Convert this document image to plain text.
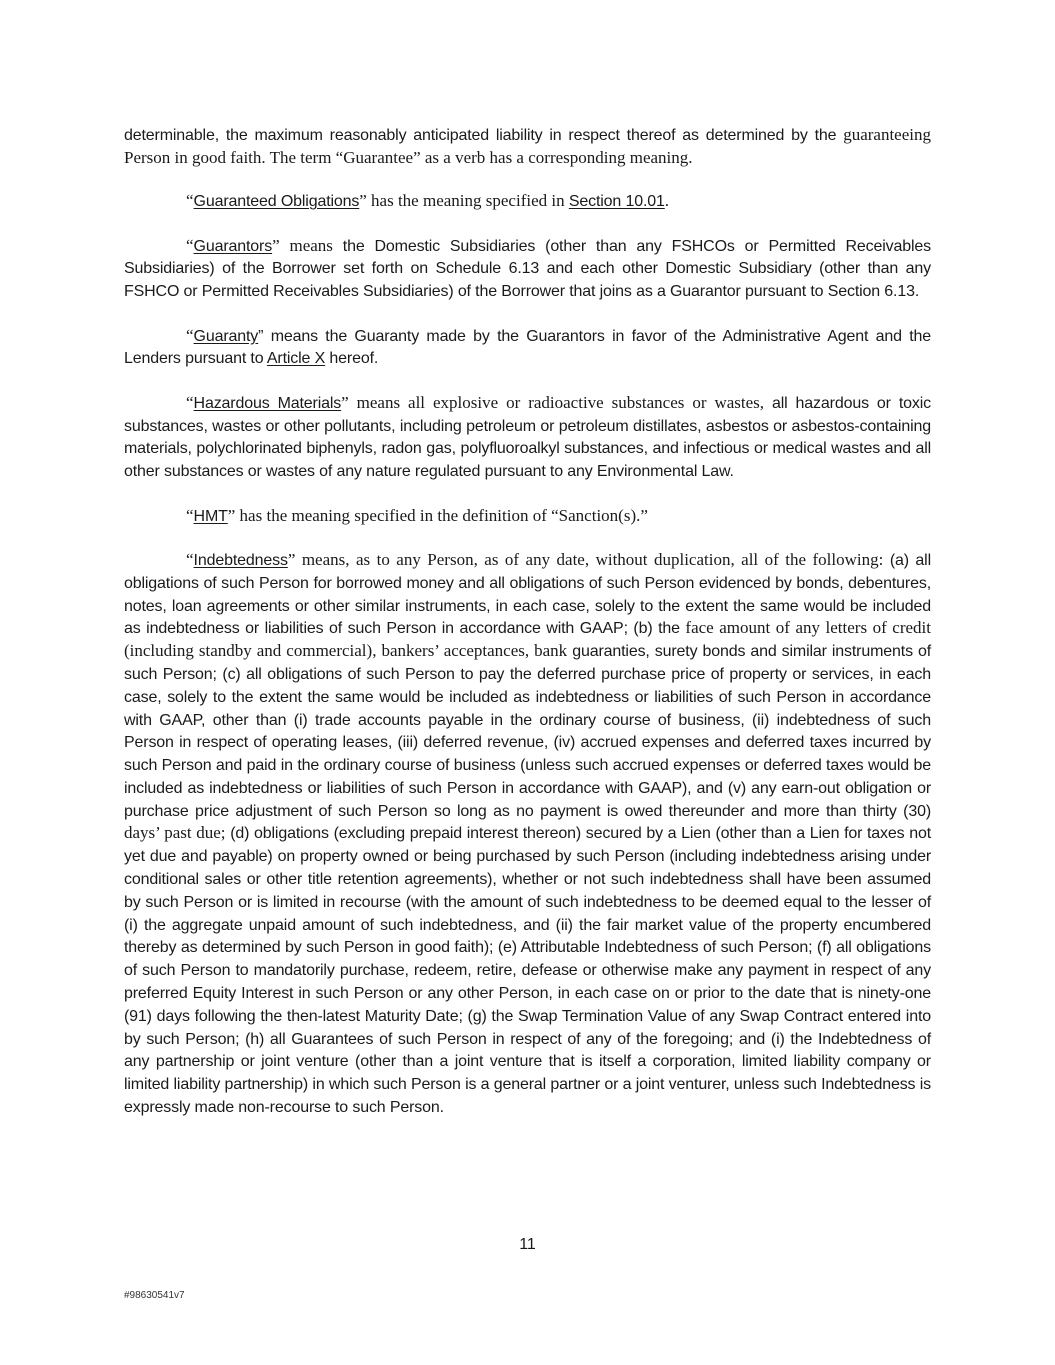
determinable, the maximum reasonably anticipated liability in respect thereof as determined by the guaranteeing Person in good faith. The term “Guarantee” as a verb has a corresponding meaning.

“Guaranteed Obligations” has the meaning specified in Section 10.01.

“Guarantors” means the Domestic Subsidiaries (other than any FSHCOs or Permitted Receivables Subsidiaries) of the Borrower set forth on Schedule 6.13 and each other Domestic Subsidiary (other than any FSHCO or Permitted Receivables Subsidiaries) of the Borrower that joins as a Guarantor pursuant to Section 6.13.

“Guaranty” means the Guaranty made by the Guarantors in favor of the Administrative Agent and the Lenders pursuant to Article X hereof.

“Hazardous Materials” means all explosive or radioactive substances or wastes, all hazardous or toxic substances, wastes or other pollutants, including petroleum or petroleum distillates, asbestos or asbestos-containing materials, polychlorinated biphenyls, radon gas, polyfluoroalkyl substances, and infectious or medical wastes and all other substances or wastes of any nature regulated pursuant to any Environmental Law.

“HMT” has the meaning specified in the definition of “Sanction(s).”

“Indebtedness” means, as to any Person, as of any date, without duplication, all of the following: (a) all obligations of such Person for borrowed money and all obligations of such Person evidenced by bonds, debentures, notes, loan agreements or other similar instruments, in each case, solely to the extent the same would be included as indebtedness or liabilities of such Person in accordance with GAAP; (b) the face amount of any letters of credit (including standby and commercial), bankers’ acceptances, bank guaranties, surety bonds and similar instruments of such Person; (c) all obligations of such Person to pay the deferred purchase price of property or services, in each case, solely to the extent the same would be included as indebtedness or liabilities of such Person in accordance with GAAP, other than (i) trade accounts payable in the ordinary course of business, (ii) indebtedness of such Person in respect of operating leases, (iii) deferred revenue, (iv) accrued expenses and deferred taxes incurred by such Person and paid in the ordinary course of business (unless such accrued expenses or deferred taxes would be included as indebtedness or liabilities of such Person in accordance with GAAP), and (v) any earn-out obligation or purchase price adjustment of such Person so long as no payment is owed thereunder and more than thirty (30) days’ past due; (d) obligations (excluding prepaid interest thereon) secured by a Lien (other than a Lien for taxes not yet due and payable) on property owned or being purchased by such Person (including indebtedness arising under conditional sales or other title retention agreements), whether or not such indebtedness shall have been assumed by such Person or is limited in recourse (with the amount of such indebtedness to be deemed equal to the lesser of (i) the aggregate unpaid amount of such indebtedness, and (ii) the fair market value of the property encumbered thereby as determined by such Person in good faith); (e) Attributable Indebtedness of such Person; (f) all obligations of such Person to mandatorily purchase, redeem, retire, defease or otherwise make any payment in respect of any preferred Equity Interest in such Person or any other Person, in each case on or prior to the date that is ninety-one (91) days following the then-latest Maturity Date; (g) the Swap Termination Value of any Swap Contract entered into by such Person; (h) all Guarantees of such Person in respect of any of the foregoing; and (i) the Indebtedness of any partnership or joint venture (other than a joint venture that is itself a corporation, limited liability company or limited liability partnership) in which such Person is a general partner or a joint venturer, unless such Indebtedness is expressly made non-recourse to such Person.

11
#98630541v7
